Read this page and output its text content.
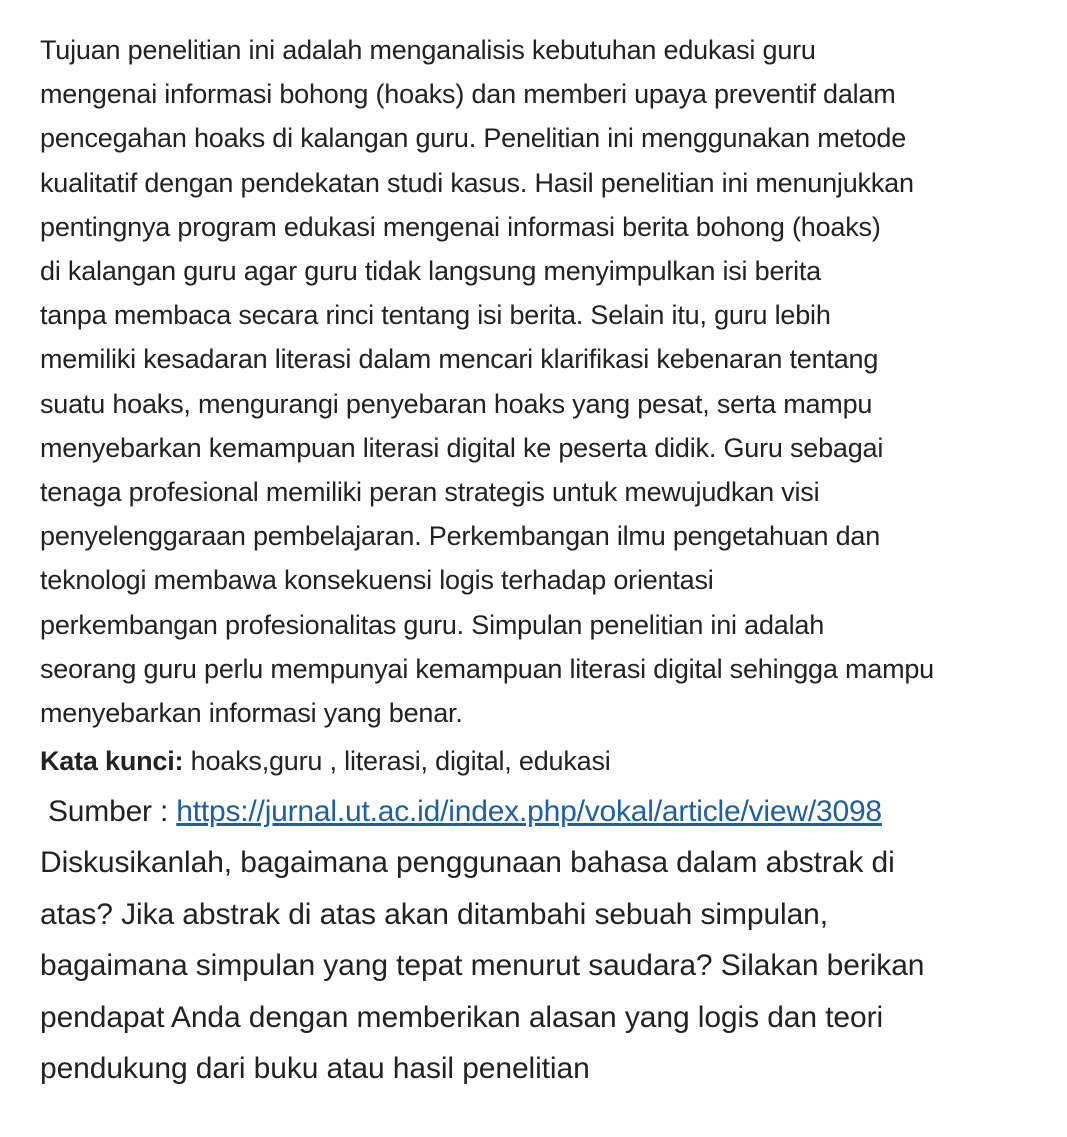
Tujuan penelitian ini adalah menganalisis kebutuhan edukasi guru
mengenai informasi bohong (hoaks) dan memberi upaya preventif dalam
pencegahan hoaks di kalangan guru. Penelitian ini menggunakan metode
kualitatif dengan pendekatan studi kasus. Hasil penelitian ini menunjukkan
pentingnya program edukasi mengenai informasi berita bohong (hoaks)
di kalangan guru agar guru tidak langsung menyimpulkan isi berita
tanpa membaca secara rinci tentang isi berita. Selain itu, guru lebih
memiliki kesadaran literasi dalam mencari klarifikasi kebenaran tentang
suatu hoaks, mengurangi penyebaran hoaks yang pesat, serta mampu
menyebarkan kemampuan literasi digital ke peserta didik. Guru sebagai
tenaga profesional memiliki peran strategis untuk mewujudkan visi
penyelenggaraan pembelajaran. Perkembangan ilmu pengetahuan dan
teknologi membawa konsekuensi logis terhadap orientasi
perkembangan profesionalitas guru. Simpulan penelitian ini adalah
seorang guru perlu mempunyai kemampuan literasi digital sehingga mampu
menyebarkan informasi yang benar.
Kata kunci: hoaks,guru , literasi, digital, edukasi
Sumber : https://jurnal.ut.ac.id/index.php/vokal/article/view/3098
Diskusikanlah, bagaimana penggunaan bahasa dalam abstrak di
atas? Jika abstrak di atas akan ditambahi sebuah simpulan,
bagaimana simpulan yang tepat menurut saudara? Silakan berikan
pendapat Anda dengan memberikan alasan yang logis dan teori
pendukung dari buku atau hasil penelitian
